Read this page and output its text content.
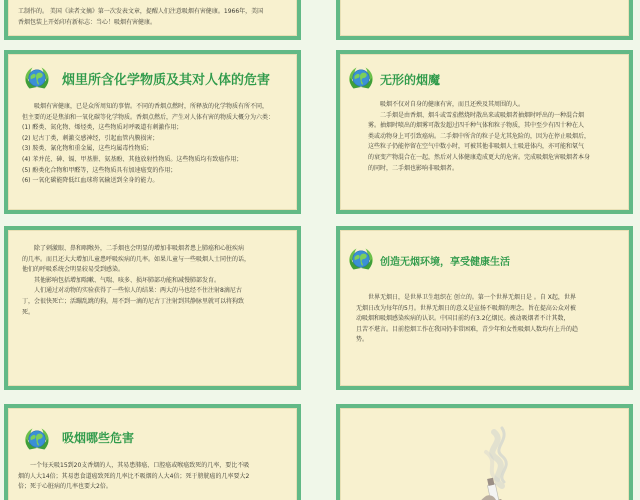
工制作的。 美国《读者文摘》第一次发表文章，提醒人们注意吸烟有害健康。1966年，美国

香烟包装上开始印有新标志：当心！吸烟有害健康。

烟里所含化学物质及其对人体的危害

吸烟有害健康，已是众所周知的事情。不同的香烟点燃时，所释放的化学物质有所不同，

但主要的还是焦油和一氧化碳等化学物质。香烟点燃后，产生对人体有害的物质大概分为六类：

(1) 醛类、氮化物、烯烃类，这些物质对呼吸道有刺激作用；

(2) 尼古丁类，刺激交感神经，引起血管内膜损害；

(3) 胺类、氰化物和重金属，这些均属毒性物质；

(4) 苯并芘、砷、镉、甲基肼、氨基酚、其他放射性物质。这些物质均有致癌作用；

(5) 酚类化合物和甲醛等，这些物质具有加速癌变的作用；

(6) 一氧化碳能降低红血球将氧输送到全身的能力。

无形的烟魔

吸烟不仅对自身的健康有害，而且还殃及其周围的人。

二手烟是由香烟、烟斗或雪茄燃烧时散出来或吸烟者抽烟时呼出的一种混合烟

雾。抽烟时喷出的烟雾可散发超过四千种气体和粒子物质，其中至少有四十种在人

类或动物身上可引致癌病。二手烟中所含的粒子是尤其危险的，因为在停止吸烟后，

这些粒子仍能停留在空气中数小时，可被其他非吸烟人士吸进体内，亦可能和氡气

的衰变产物混合在一起，然后对人体健康造成更大的危害。完成吸烟危害吸烟者本身

的同时，二手烟也影响非吸烟者。

除了刺激眼、鼻和咽喉外，二手烟也会明显的增加非吸烟者患上肺癌和心脏疾病

的几率。而且还大大增加儿童患呼吸疾病的几率。如果儿童与一些吸烟人士同住的话，

他们的呼吸系统会明显较易受到感染。

其他影响包括增加喘嗽、气喘、咳多、损坏肺部功能和减慢肺部发育。

人们通过对动物的实验获得了一些惊人的结果：两大的马也经不住注射8滴尼古

丁，会很快死亡；活蹦乱跳的狗，用不到一滴的尼古丁注射到其静脉里就可以将狗致

死。

创造无烟环境，享受健康生活

世界无烟日，是世界卫生组织在 创立的。第一个世界无烟日是 。自 X起，世界

无烟日改为每年的5月。世界无烟日的意义是宣扬不吸烟的理念。旨在提高公众对被

动吸烟和吸烟感染疾病的认识。中国目前约有3.2亿烟民。被动吸烟者不计其数，

且苦不堪言。目前控烟工作在我国仍非常困难，青少年和女性吸烟人数均有上升的趋

势。

吸烟哪些危害

一个每天吸15到20支香烟的人，其易患肺癌、口腔癌或喉癌致死的几率，要比不吸

烟的人大14倍；其易患食道癌致死的几率比不吸烟的人大4倍；死于膀胱癌的几率要大2

倍；死于心脏病的几率也要大2倍。
